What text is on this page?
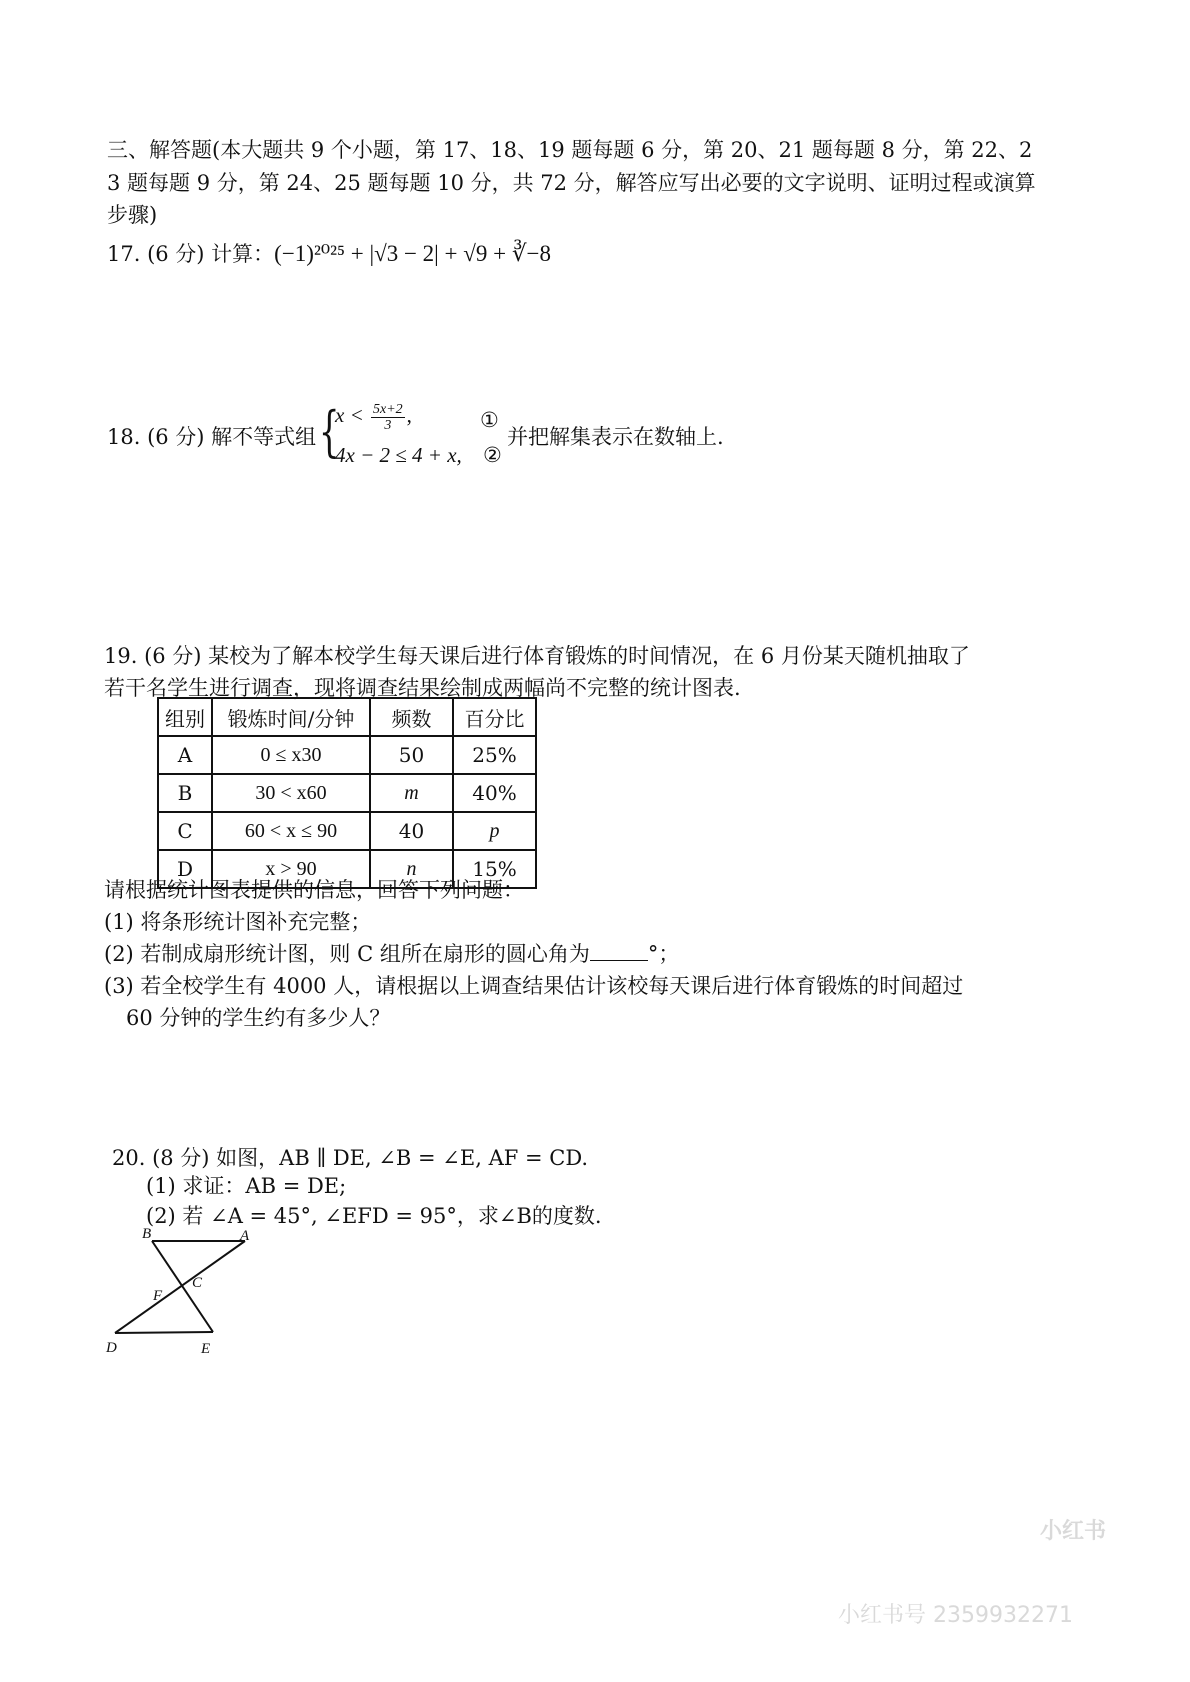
三、解答题(本大题共 9 个小题，第 17、18、19 题每题 6 分，第 20、21 题每题 8 分，第 22、2
3 题每题 9 分，第 24、25 题每题 10 分，共 72 分，解答应写出必要的文字说明、证明过程或演算
步骤)
17. (6 分) 计算：(−1)²⁰²⁵ + |√3 − 2| + √9 + ∛−8
18. (6 分) 解不等式组 {
$x < \frac{5x+2}{3}$ ,	①
4x − 2 ≤ 4 + x, ②
并把解集表示在数轴上.
19. (6 分) 某校为了解本校学生每天课后进行体育锻炼的时间情况，在 6 月份某天随机抽取了
若干名学生进行调查，现将调查结果绘制成两幅尚不完整的统计图表.
组别	锻炼时间/分钟	频数	百分比
A	0 ≤ x30	50	25%
B	30 < x60	m	40%
C	60 < x ≤ 90	40	p
D	x > 90	n	15%
请根据统计图表提供的信息，回答下列问题：
(1) 将条形统计图补充完整；
(2) 若制成扇形统计图，则 C 组所在扇形的圆心角为	°；
(3) 若全校学生有 4000 人，请根据以上调查结果估计该校每天课后进行体育锻炼的时间超过
60 分钟的学生约有多少人？
20. (8 分) 如图，AB ∥ DE, ∠B = ∠E, AF = CD.
(1) 求证：AB = DE;
(2) 若 ∠A = 45°, ∠EFD = 95°，求∠B的度数.
B	A
C
F
D	E
小红书
小红书号 2359932271
